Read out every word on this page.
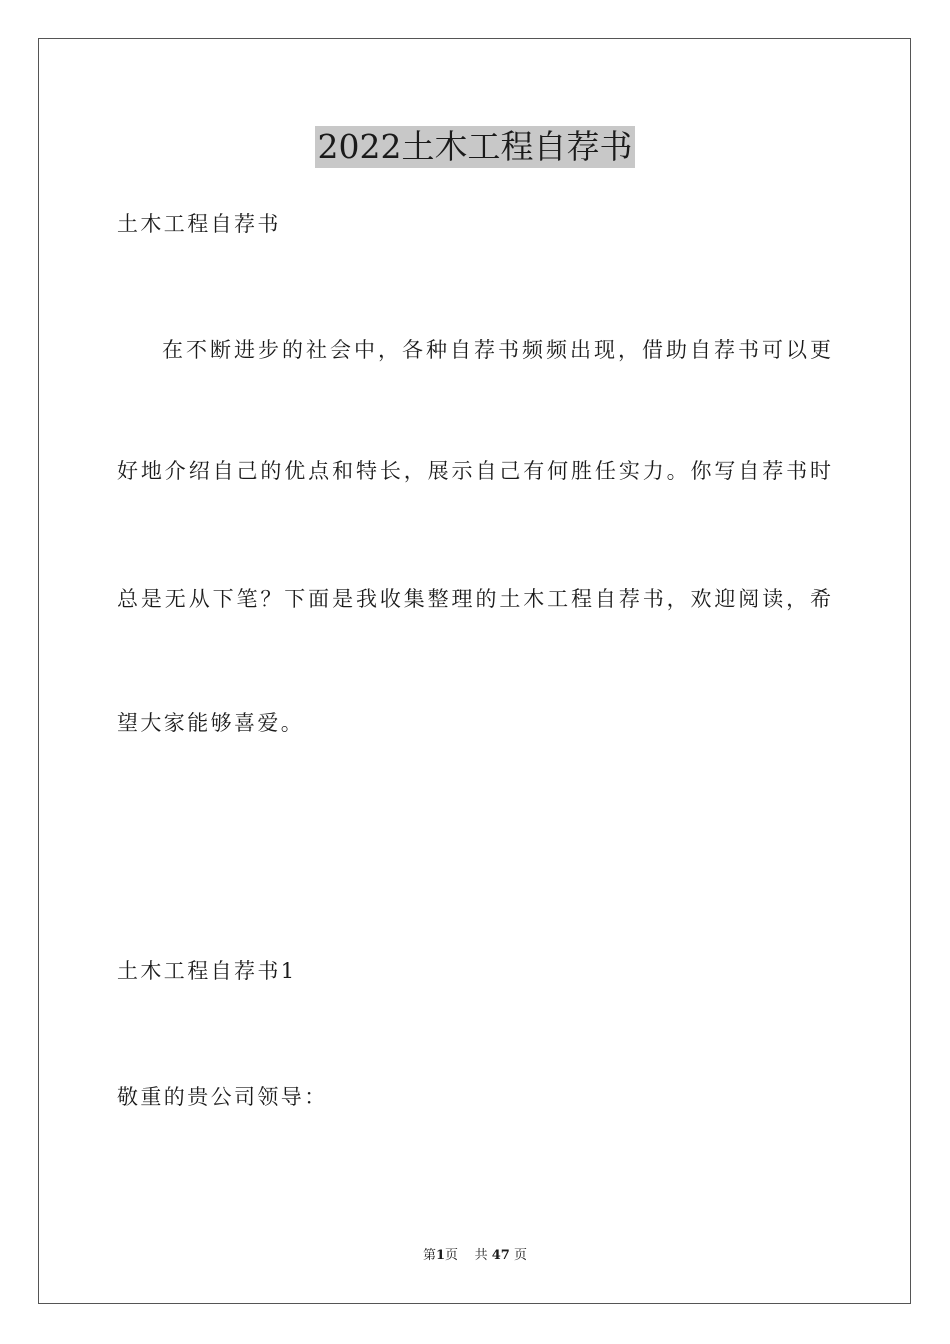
2022土木工程自荐书
土木工程自荐书
在不断进步的社会中，各种自荐书频频出现，借助自荐书可以更
好地介绍自己的优点和特长，展示自己有何胜任实力。你写自荐书时
总是无从下笔？下面是我收集整理的土木工程自荐书，欢迎阅读，希
望大家能够喜爱。
土木工程自荐书1
敬重的贵公司领导：
第1页 共 47 页
